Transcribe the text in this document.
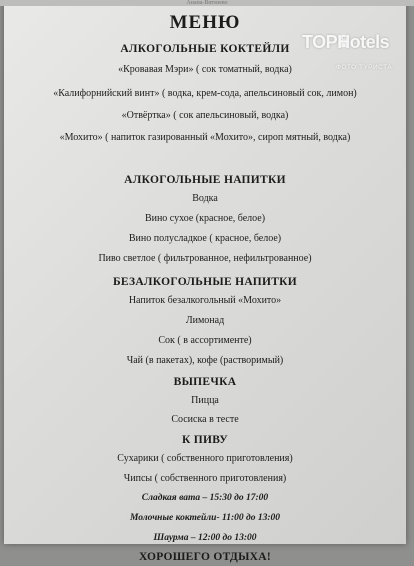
Анапа-Витязево
МЕНЮ
АЛКОГОЛЬНЫЕ КОКТЕЙЛИ
«Кровавая Мэри» ( сок томатный, водка)
«Калифорнийский винт» ( водка, крем-сода, апельсиновый сок, лимон)
«Отвёртка» ( сок апельсиновый, водка)
«Мохито» ( напиток газированный «Мохито», сироп мятный, водка)
АЛКОГОЛЬНЫЕ НАПИТКИ
Водка
Вино сухое (красное, белое)
Вино полусладкое ( красное, белое)
Пиво светлое ( фильтрованное, нефильтрованное)
БЕЗАЛКОГОЛЬНЫЕ НАПИТКИ
Напиток безалкогольный «Мохито»
Лимонад
Сок ( в ассортименте)
Чай (в пакетах), кофе (растворимый)
ВЫПЕЧКА
Пицца
Сосиска в тесте
К ПИВУ
Сухарики ( собственного приготовления)
Чипсы ( собственного приготовления)
Сладкая вата – 15:30 до 17:00
Молочные коктейли- 11:00 до 13:00
Шаурма – 12:00 до 13:00
ХОРОШЕГО ОТДЫХА!
TOPHotels
ФОТО ТУРИСТА
